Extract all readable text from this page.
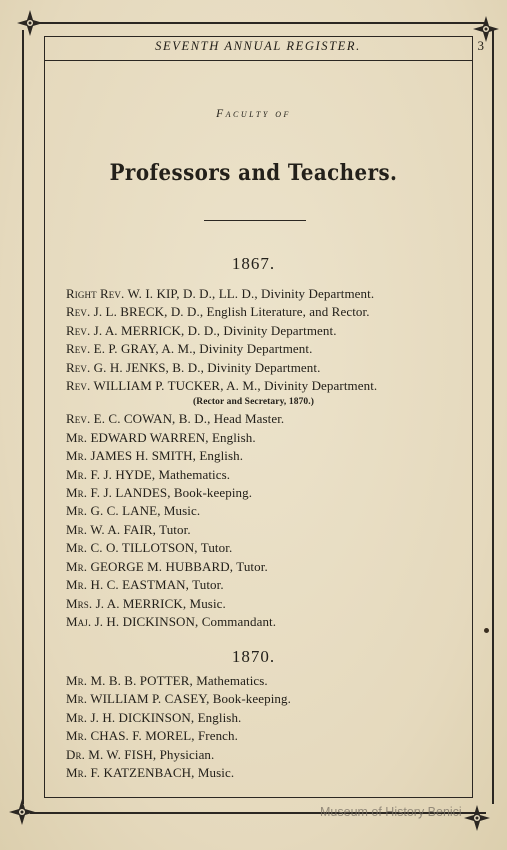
SEVENTH ANNUAL REGISTER.	3
Faculty of
Professors and Teachers.
1867.
Right Rev. W. I. KIP, D. D., LL. D., Divinity Department.
Rev. J. L. BRECK, D. D., English Literature, and Rector.
Rev. J. A. MERRICK, D. D., Divinity Department.
Rev. E. P. GRAY, A. M., Divinity Department.
Rev. G. H. JENKS, B. D., Divinity Department.
Rev. WILLIAM P. TUCKER, A. M., Divinity Department.
(Rector and Secretary, 1870.)
Rev. E. C. COWAN, B. D., Head Master.
Mr. EDWARD WARREN, English.
Mr. JAMES H. SMITH, English.
Mr. F. J. HYDE, Mathematics.
Mr. F. J. LANDES, Book-keeping.
Mr. G. C. LANE, Music.
Mr. W. A. FAIR, Tutor.
Mr. C. O. TILLOTSON, Tutor.
Mr. GEORGE M. HUBBARD, Tutor.
Mr. H. C. EASTMAN, Tutor.
Mrs. J. A. MERRICK, Music.
Maj. J. H. DICKINSON, Commandant.
1870.
Mr. M. B. B. POTTER, Mathematics.
Mr. WILLIAM P. CASEY, Book-keeping.
Mr. J. H. DICKINSON, English.
Mr. CHAS. F. MOREL, French.
Dr. M. W. FISH, Physician.
Mr. F. KATZENBACH, Music.
Museum of History Benici
